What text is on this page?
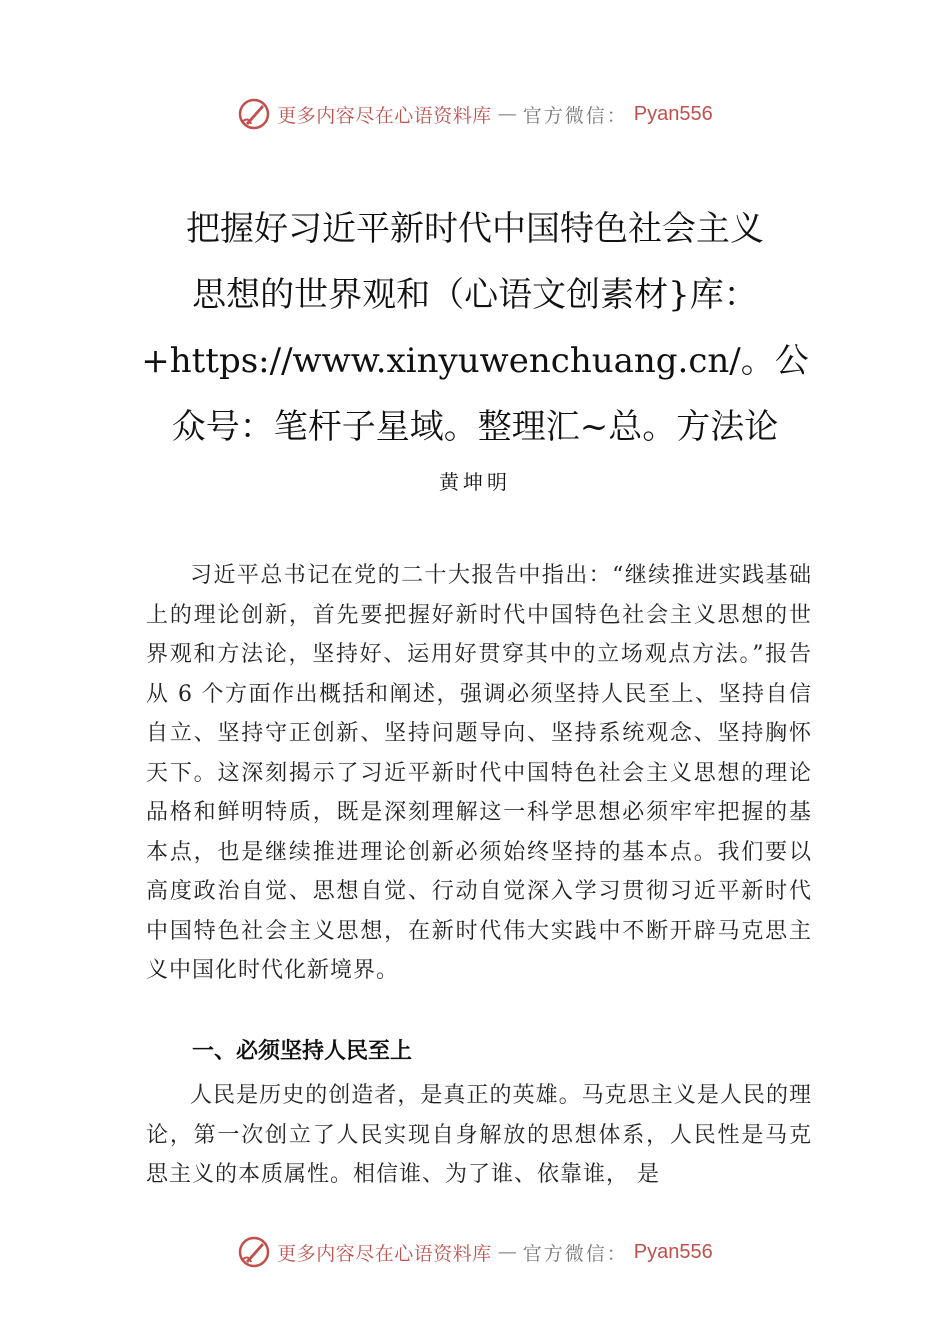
更多内容尽在心语资料库 — 官方微信： Pyan556
把握好习近平新时代中国特色社会主义
思想的世界观和（心语文创素材}库：
+https://www.xinyuwenchuang.cn/。公
众号：笔杆子星域。整理汇~总。方法论
黄坤明
习近平总书记在党的二十大报告中指出：“继续推进实践基础上的理论创新，首先要把握好新时代中国特色社会主义思想的世界观和方法论，坚持好、运用好贯穿其中的立场观点方法。”报告从 6 个方面作出概括和阐述，强调必须坚持人民至上、坚持自信自立、坚持守正创新、坚持问题导向、坚持系统观念、坚持胸怀天下。这深刻揭示了习近平新时代中国特色社会主义思想的理论品格和鲜明特质，既是深刻理解这一科学思想必须牢牢把握的基本点，也是继续推进理论创新必须始终坚持的基本点。我们要以高度政治自觉、思想自觉、行动自觉深入学习贯彻习近平新时代中国特色社会主义思想，在新时代伟大实践中不断开辟马克思主义中国化时代化新境界。
一、必须坚持人民至上
人民是历史的创造者，是真正的英雄。马克思主义是人民的理论，第一次创立了人民实现自身解放的思想体系，人民性是马克思主义的本质属性。相信谁、为了谁、依靠谁， 是
更多内容尽在心语资料库 — 官方微信： Pyan556
